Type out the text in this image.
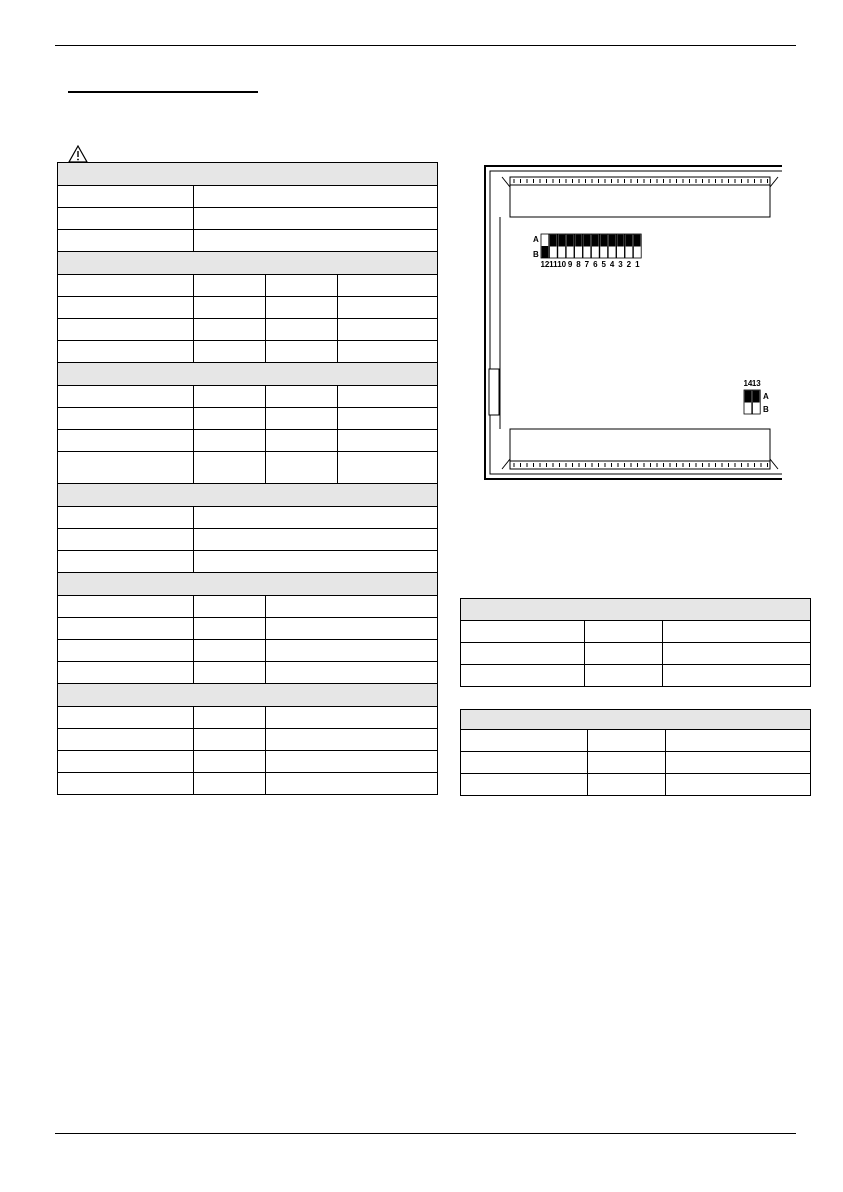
A
B
12 11 10 9 8 7 6 5 4 3 2 1
A
B
14 13
